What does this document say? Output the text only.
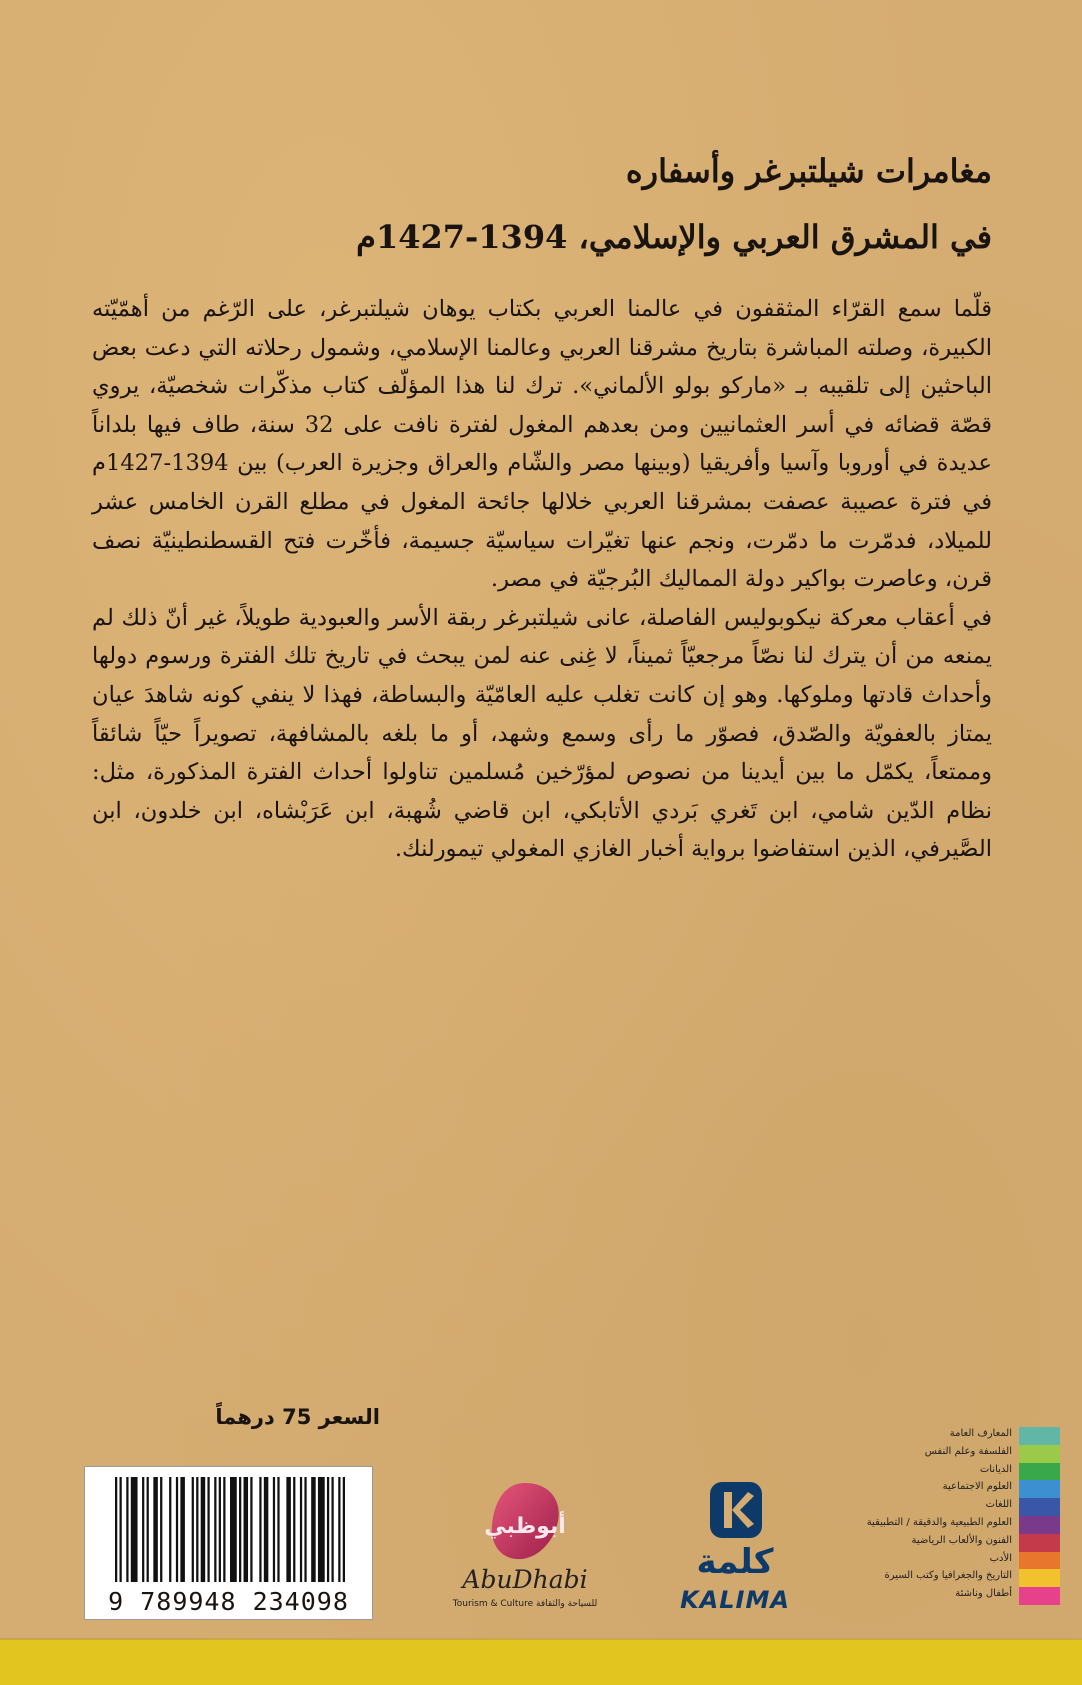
مغامرات شيلتبرغر وأسفاره
في المشرق العربي والإسلامي، 1394-1427م

قلّما سمع القرّاء المثقفون في عالمنا العربي بكتاب يوهان شيلتبرغر، على الرّغم من أهمّيّته الكبيرة، وصلته المباشرة بتاريخ مشرقنا العربي وعالمنا الإسلامي، وشمول رحلاته التي دعت بعض الباحثين إلى تلقيبه بـ «ماركو بولو الألماني». ترك لنا هذا المؤلّف كتاب مذكّرات شخصيّة، يروي قصّة قضائه في أسر العثمانيين ومن بعدهم المغول لفترة نافت على 32 سنة، طاف فيها بلداناً عديدة في أوروبا وآسيا وأفريقيا (وبينها مصر والشّام والعراق وجزيرة العرب) بين 1394-1427م في فترة عصيبة عصفت بمشرقنا العربي خلالها جائحة المغول في مطلع القرن الخامس عشر للميلاد، فدمّرت ما دمّرت، ونجم عنها تغيّرات سياسيّة جسيمة، فأخّرت فتح القسطنطينيّة نصف قرن، وعاصرت بواكير دولة المماليك البُرجيّة في مصر.

في أعقاب معركة نيكوبوليس الفاصلة، عانى شيلتبرغر ربقة الأسر والعبودية طويلاً، غير أنّ ذلك لم يمنعه من أن يترك لنا نصّاً مرجعيّاً ثميناً، لا غِنى عنه لمن يبحث في تاريخ تلك الفترة ورسوم دولها وأحداث قادتها وملوكها. وهو إن كانت تغلب عليه العامّيّة والبساطة، فهذا لا ينفي كونه شاهدَ عيان يمتاز بالعفويّة والصّدق، فصوّر ما رأى وسمع وشهد، أو ما بلغه بالمشافهة، تصويراً حيّاً شائقاً وممتعاً، يكمّل ما بين أيدينا من نصوص لمؤرّخين مُسلمين تناولوا أحداث الفترة المذكورة، مثل: نظام الدّين شامي، ابن تَغري بَردي الأتابكي، ابن قاضي شُهبة، ابن عَرَبْشاه، ابن خلدون، ابن الصَّيرفي، الذين استفاضوا برواية أخبار الغازي المغولي تيمورلنك.

السعر 75 درهماً
9 789948 234098
أبوظبي
AbuDhabi
Tourism & Culture للسياحة والثقافة
كلمة
KALIMA
المعارف العامة
الفلسفة وعلم النفس
الديانات
العلوم الاجتماعية
اللغات
العلوم الطبيعية والدقيقة / التطبيقية
الفنون والألعاب الرياضية
الأدب
التاريخ والجغرافيا وكتب السيرة
أطفال وناشئة
